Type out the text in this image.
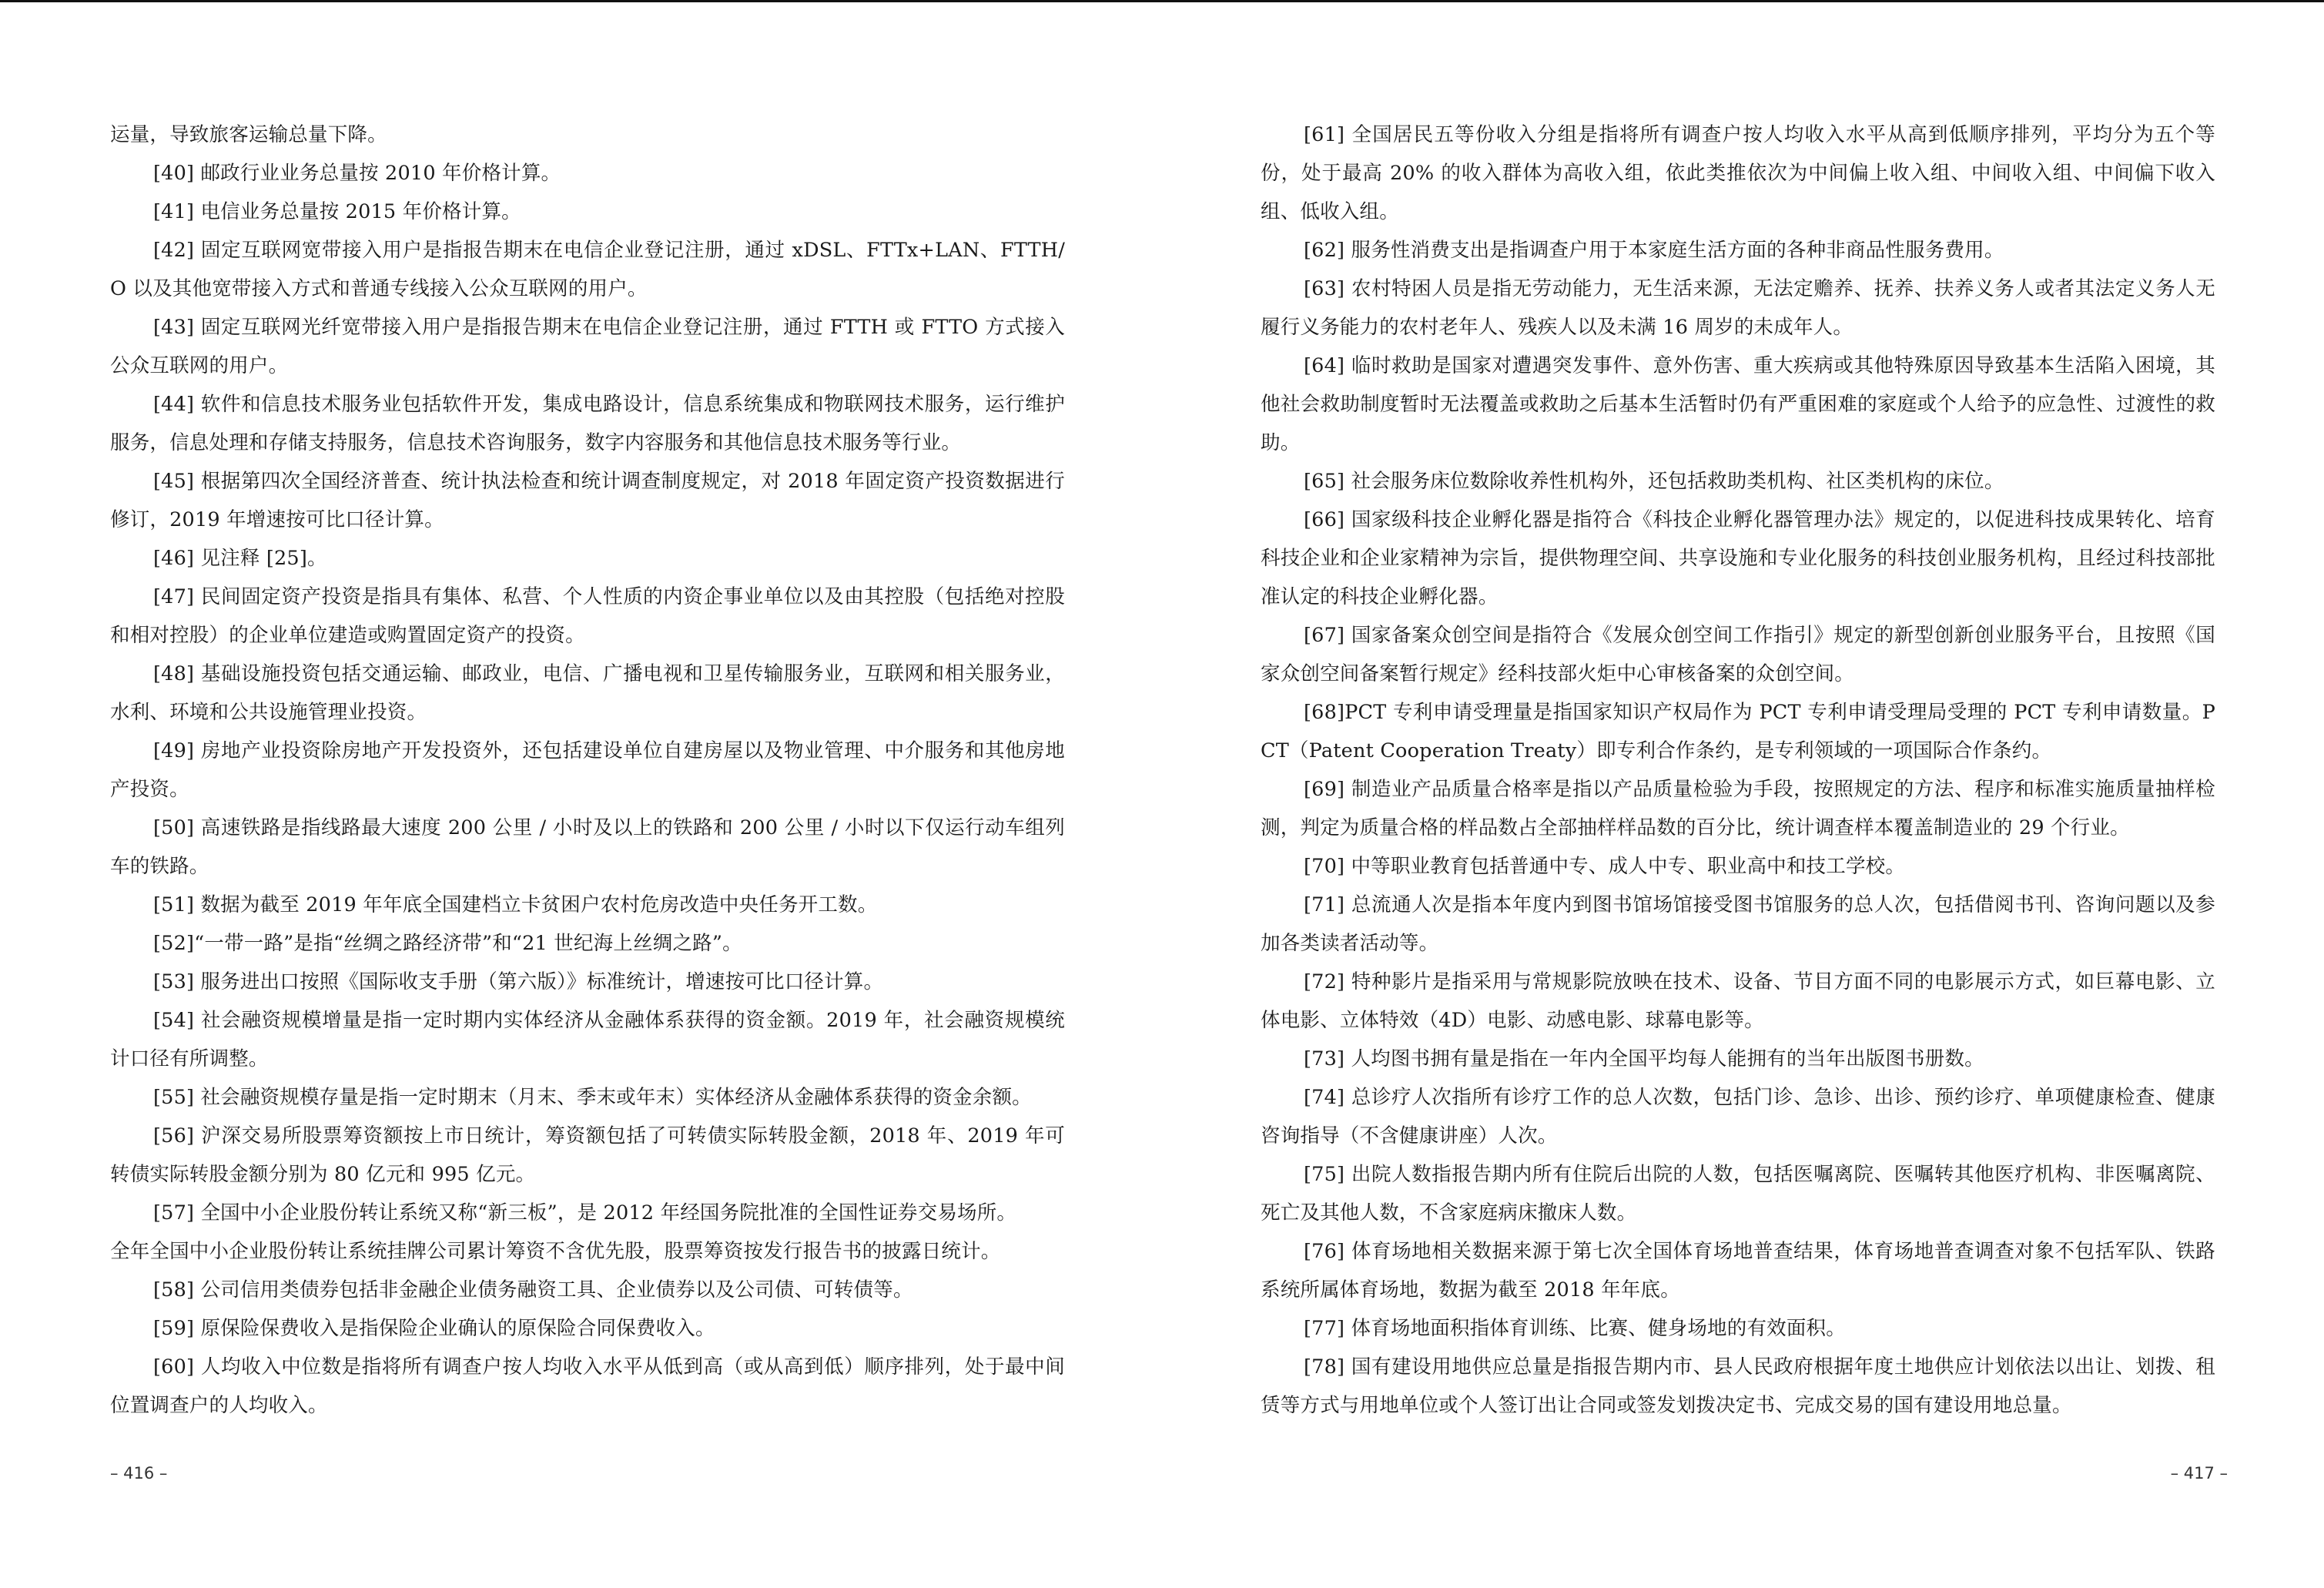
运量，导致旅客运输总量下降。

[40] 邮政行业业务总量按 2010 年价格计算。

[41] 电信业务总量按 2015 年价格计算。

[42] 固定互联网宽带接入用户是指报告期末在电信企业登记注册，通过 xDSL、FTTx+LAN、FTTH/O 以及其他宽带接入方式和普通专线接入公众互联网的用户。

[43] 固定互联网光纤宽带接入用户是指报告期末在电信企业登记注册，通过 FTTH 或 FTTO 方式接入公众互联网的用户。

[44] 软件和信息技术服务业包括软件开发，集成电路设计，信息系统集成和物联网技术服务，运行维护服务，信息处理和存储支持服务，信息技术咨询服务，数字内容服务和其他信息技术服务等行业。

[45] 根据第四次全国经济普查、统计执法检查和统计调查制度规定，对 2018 年固定资产投资数据进行修订，2019 年增速按可比口径计算。

[46] 见注释 [25]。

[47] 民间固定资产投资是指具有集体、私营、个人性质的内资企事业单位以及由其控股（包括绝对控股和相对控股）的企业单位建造或购置固定资产的投资。

[48] 基础设施投资包括交通运输、邮政业，电信、广播电视和卫星传输服务业，互联网和相关服务业，水利、环境和公共设施管理业投资。

[49] 房地产业投资除房地产开发投资外，还包括建设单位自建房屋以及物业管理、中介服务和其他房地产投资。

[50] 高速铁路是指线路最大速度 200 公里 / 小时及以上的铁路和 200 公里 / 小时以下仅运行动车组列车的铁路。

[51] 数据为截至 2019 年年底全国建档立卡贫困户农村危房改造中央任务开工数。

[52]“一带一路”是指“丝绸之路经济带”和“21 世纪海上丝绸之路”。

[53] 服务进出口按照《国际收支手册（第六版）》标准统计，增速按可比口径计算。

[54] 社会融资规模增量是指一定时期内实体经济从金融体系获得的资金额。2019 年，社会融资规模统计口径有所调整。

[55] 社会融资规模存量是指一定时期末（月末、季末或年末）实体经济从金融体系获得的资金余额。

[56] 沪深交易所股票筹资额按上市日统计，筹资额包括了可转债实际转股金额，2018 年、2019 年可转债实际转股金额分别为 80 亿元和 995 亿元。

[57] 全国中小企业股份转让系统又称“新三板”，是 2012 年经国务院批准的全国性证券交易场所。

全年全国中小企业股份转让系统挂牌公司累计筹资不含优先股，股票筹资按发行报告书的披露日统计。

[58] 公司信用类债券包括非金融企业债务融资工具、企业债券以及公司债、可转债等。

[59] 原保险保费收入是指保险企业确认的原保险合同保费收入。

[60] 人均收入中位数是指将所有调查户按人均收入水平从低到高（或从高到低）顺序排列，处于最中间位置调查户的人均收入。

[61] 全国居民五等份收入分组是指将所有调查户按人均收入水平从高到低顺序排列，平均分为五个等份，处于最高 20% 的收入群体为高收入组，依此类推依次为中间偏上收入组、中间收入组、中间偏下收入组、低收入组。

[62] 服务性消费支出是指调查户用于本家庭生活方面的各种非商品性服务费用。

[63] 农村特困人员是指无劳动能力，无生活来源，无法定赡养、抚养、扶养义务人或者其法定义务人无履行义务能力的农村老年人、残疾人以及未满 16 周岁的未成年人。

[64] 临时救助是国家对遭遇突发事件、意外伤害、重大疾病或其他特殊原因导致基本生活陷入困境，其他社会救助制度暂时无法覆盖或救助之后基本生活暂时仍有严重困难的家庭或个人给予的应急性、过渡性的救助。

[65] 社会服务床位数除收养性机构外，还包括救助类机构、社区类机构的床位。

[66] 国家级科技企业孵化器是指符合《科技企业孵化器管理办法》规定的，以促进科技成果转化、培育科技企业和企业家精神为宗旨，提供物理空间、共享设施和专业化服务的科技创业服务机构，且经过科技部批准认定的科技企业孵化器。

[67] 国家备案众创空间是指符合《发展众创空间工作指引》规定的新型创新创业服务平台，且按照《国家众创空间备案暂行规定》经科技部火炬中心审核备案的众创空间。

[68]PCT 专利申请受理量是指国家知识产权局作为 PCT 专利申请受理局受理的 PCT 专利申请数量。PCT（Patent Cooperation Treaty）即专利合作条约，是专利领域的一项国际合作条约。

[69] 制造业产品质量合格率是指以产品质量检验为手段，按照规定的方法、程序和标准实施质量抽样检测，判定为质量合格的样品数占全部抽样样品数的百分比，统计调查样本覆盖制造业的 29 个行业。

[70] 中等职业教育包括普通中专、成人中专、职业高中和技工学校。

[71] 总流通人次是指本年度内到图书馆场馆接受图书馆服务的总人次，包括借阅书刊、咨询问题以及参加各类读者活动等。

[72] 特种影片是指采用与常规影院放映在技术、设备、节目方面不同的电影展示方式，如巨幕电影、立体电影、立体特效（4D）电影、动感电影、球幕电影等。

[73] 人均图书拥有量是指在一年内全国平均每人能拥有的当年出版图书册数。

[74] 总诊疗人次指所有诊疗工作的总人次数，包括门诊、急诊、出诊、预约诊疗、单项健康检查、健康咨询指导（不含健康讲座）人次。

[75] 出院人数指报告期内所有住院后出院的人数，包括医嘱离院、医嘱转其他医疗机构、非医嘱离院、死亡及其他人数，不含家庭病床撤床人数。

[76] 体育场地相关数据来源于第七次全国体育场地普查结果，体育场地普查调查对象不包括军队、铁路系统所属体育场地，数据为截至 2018 年年底。

[77] 体育场地面积指体育训练、比赛、健身场地的有效面积。

[78] 国有建设用地供应总量是指报告期内市、县人民政府根据年度土地供应计划依法以出让、划拨、租赁等方式与用地单位或个人签订出让合同或签发划拨决定书、完成交易的国有建设用地总量。

– 416 –	– 417 –
